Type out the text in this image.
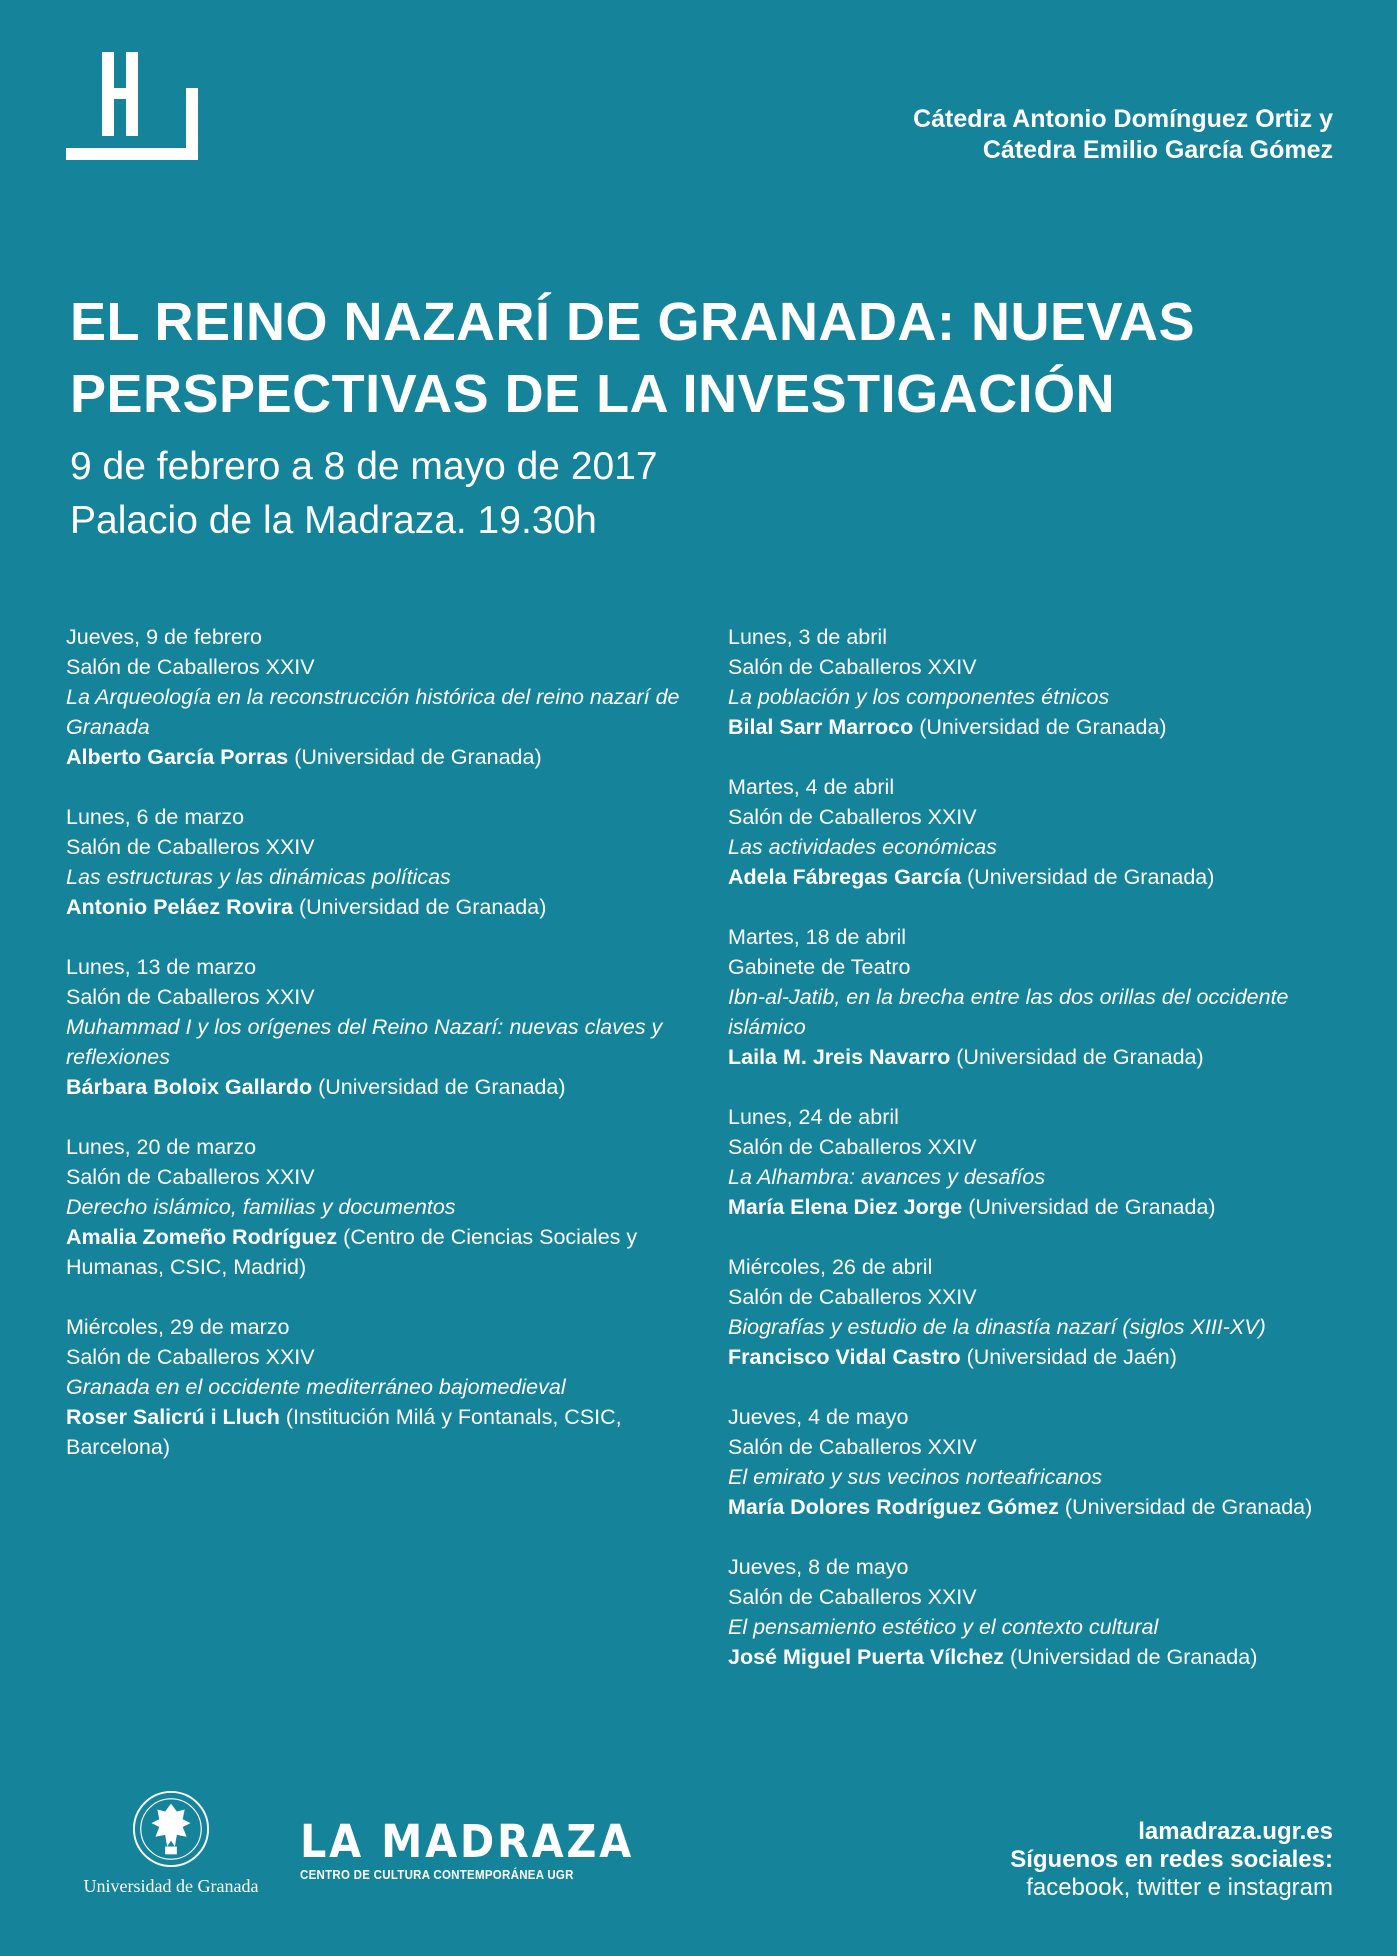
Cátedra Antonio Domínguez Ortiz y
Cátedra Emilio García Gómez
EL REINO NAZARÍ DE GRANADA: NUEVAS
PERSPECTIVAS DE LA INVESTIGACIÓN
9 de febrero a 8 de mayo de 2017
Palacio de la Madraza. 19.30h
Jueves, 9 de febrero
Salón de Caballeros XXIV
La Arqueología en la reconstrucción histórica del reino nazarí de Granada
Alberto García Porras (Universidad de Granada)
Lunes, 6 de marzo
Salón de Caballeros XXIV
Las estructuras y las dinámicas políticas
Antonio Peláez Rovira (Universidad de Granada)
Lunes, 13 de marzo
Salón de Caballeros XXIV
Muhammad I y los orígenes del Reino Nazarí: nuevas claves y reflexiones
Bárbara Boloix Gallardo (Universidad de Granada)
Lunes, 20 de marzo
Salón de Caballeros XXIV
Derecho islámico, familias y documentos
Amalia Zomeño Rodríguez (Centro de Ciencias Sociales y Humanas, CSIC, Madrid)
Miércoles, 29 de marzo
Salón de Caballeros XXIV
Granada en el occidente mediterráneo bajomedieval
Roser Salicrú i Lluch (Institución Milá y Fontanals, CSIC, Barcelona)
Lunes, 3 de abril
Salón de Caballeros XXIV
La población y los componentes étnicos
Bilal Sarr Marroco (Universidad de Granada)
Martes, 4 de abril
Salón de Caballeros XXIV
Las actividades económicas
Adela Fábregas García (Universidad de Granada)
Martes, 18 de abril
Gabinete de Teatro
Ibn-al-Jatib, en la brecha entre las dos orillas del occidente islámico
Laila M. Jreis Navarro (Universidad de Granada)
Lunes, 24 de abril
Salón de Caballeros XXIV
La Alhambra: avances y desafíos
María Elena Diez Jorge (Universidad de Granada)
Miércoles, 26 de abril
Salón de Caballeros XXIV
Biografías y estudio de la dinastía nazarí (siglos XIII-XV)
Francisco Vidal Castro (Universidad de Jaén)
Jueves, 4 de mayo
Salón de Caballeros XXIV
El emirato y sus vecinos norteafricanos
María Dolores Rodríguez Gómez (Universidad de Granada)
Jueves, 8 de mayo
Salón de Caballeros XXIV
El pensamiento estético y el contexto cultural
José Miguel Puerta Vílchez (Universidad de Granada)
Universidad de Granada
LA MADRAZA
CENTRO DE CULTURA CONTEMPORÁNEA UGR
lamadraza.ugr.es
Síguenos en redes sociales:
facebook, twitter e instagram
